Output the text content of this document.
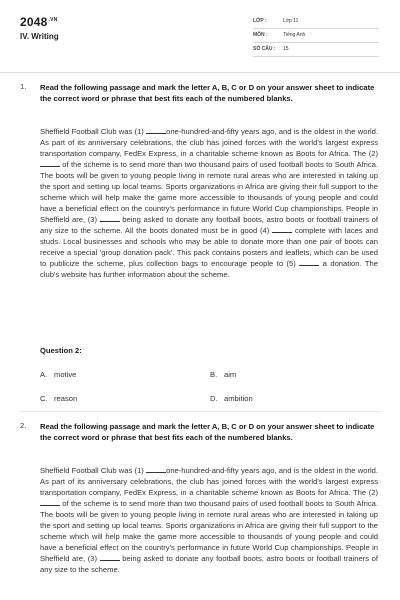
$2048^{.VN}$
IV. Writing
LỚP :	Lớp 11
MÔN :	Tiếng Anh
SỐ CÂU : 15
1. Read the following passage and mark the letter A, B, C or D on your answer sheet to indicate the correct word or phrase that best fits each of the numbered blanks.
Sheffield Football Club was (1)	one-hundred-and-fifty years ago, and is the oldest in the world. As part of its anniversary celebrations, the club has joined forces with the world's largest express transportation company, FedEx Express, in a charitable scheme known as Boots for Africa. The (2)  of the scheme is to send more than two thousand pairs of used football boots to South Africa. The boots will be given to young people living in remote rural areas who are interested in taking up the sport and setting up local teams. Sports organizations in Africa are giving their full support to the scheme which will help make the game more accessible to thousands of young people and could have a beneficial effect on the country's performance in future World Cup championships. People in Sheffield are, (3)	being asked to donate any football boots, astro boots or football trainers of any size to the scheme. All the boots donated must be in good (4)	complete with laces and studs. Local businesses and schools who may be able to donate more than one pair of boots can receive a special 'group donation pack'. This pack contains posters and leaflets, which can be used to publicize the scheme, plus collection bags to encourage people to (5)	a donation. The club's website has further information about the scheme.
Question 2:
A. motive	B. aim
C. reason	D. ambition
2. Read the following passage and mark the letter A, B, C or D on your answer sheet to indicate the correct word or phrase that best fits each of the numbered blanks.
Sheffield Football Club was (1)	one-hundred-and-fifty years ago, and is the oldest in the world. As part of its anniversary celebrations, the club has joined forces with the world's largest express transportation company, FedEx Express, in a charitable scheme known as Boots for Africa. The (2)  of the scheme is to send more than two thousand pairs of used football boots to South Africa. The boots will be given to young people living in remote rural areas who are interested in taking up the sport and setting up local teams. Sports organizations in Africa are giving their full support to the scheme which will help make the game more accessible to thousands of young people and could have a beneficial effect on the country's performance in future World Cup championships. People in Sheffield are, (3)	being asked to donate any football boots, astro boots or football trainers of any size to the scheme.
